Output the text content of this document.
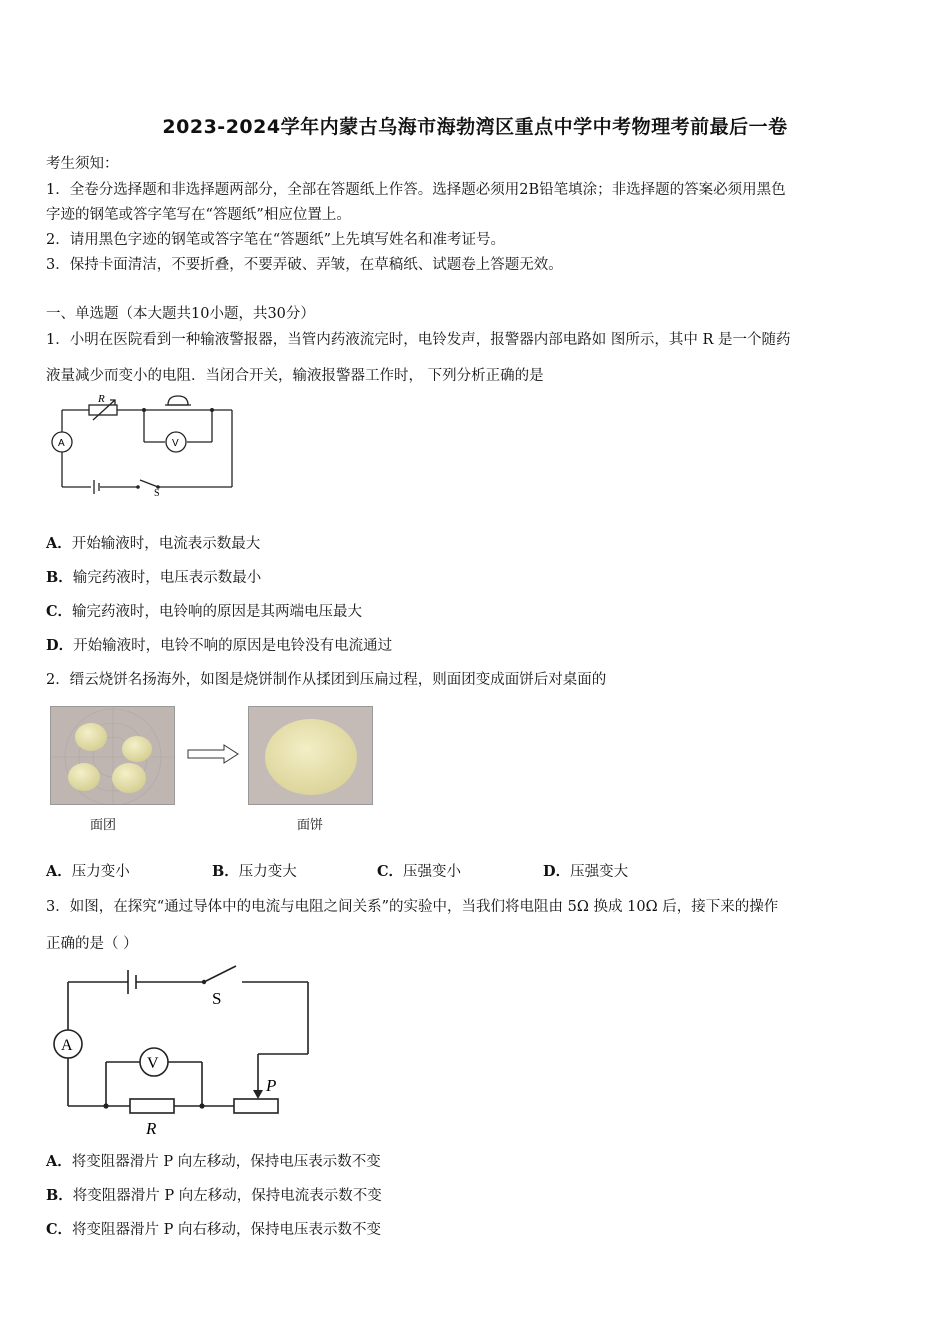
2023-2024学年内蒙古乌海市海勃湾区重点中学中考物理考前最后一卷
考生须知：
1．全卷分选择题和非选择题两部分，全部在答题纸上作答。选择题必须用2B铅笔填涂；非选择题的答案必须用黑色
字迹的钢笔或答字笔写在“答题纸”相应位置上。
2．请用黑色字迹的钢笔或答字笔在“答题纸”上先填写姓名和准考证号。
3．保持卡面清洁，不要折叠，不要弄破、弄皱，在草稿纸、试题卷上答题无效。
一、单选题（本大题共10小题，共30分）
1．小明在医院看到一种输液警报器，当管内药液流完时，电铃发声，报警器内部电路如 图所示，其中 R 是一个随药
液量减少而变小的电阻．当闭合开关，输液报警器工作时， 下列分析正确的是
R
A	V
S
A．开始输液时，电流表示数最大
B．输完药液时，电压表示数最小
C．输完药液时，电铃响的原因是其两端电压最大
D．开始输液时，电铃不响的原因是电铃没有电流通过
2．缙云烧饼名扬海外，如图是烧饼制作从揉团到压扁过程，则面团变成面饼后对桌面的
面团	面饼
A．压力变小	B．压力变大	C．压强变小	D．压强变大
3．如图，在探究“通过导体中的电流与电阻之间关系”的实验中，当我们将电阻由 5Ω 换成 10Ω 后，接下来的操作
正确的是（ ）
A
V
S
P
R
A．将变阻器滑片 P 向左移动，保持电压表示数不变
B．将变阻器滑片 P 向左移动，保持电流表示数不变
C．将变阻器滑片 P 向右移动，保持电压表示数不变
